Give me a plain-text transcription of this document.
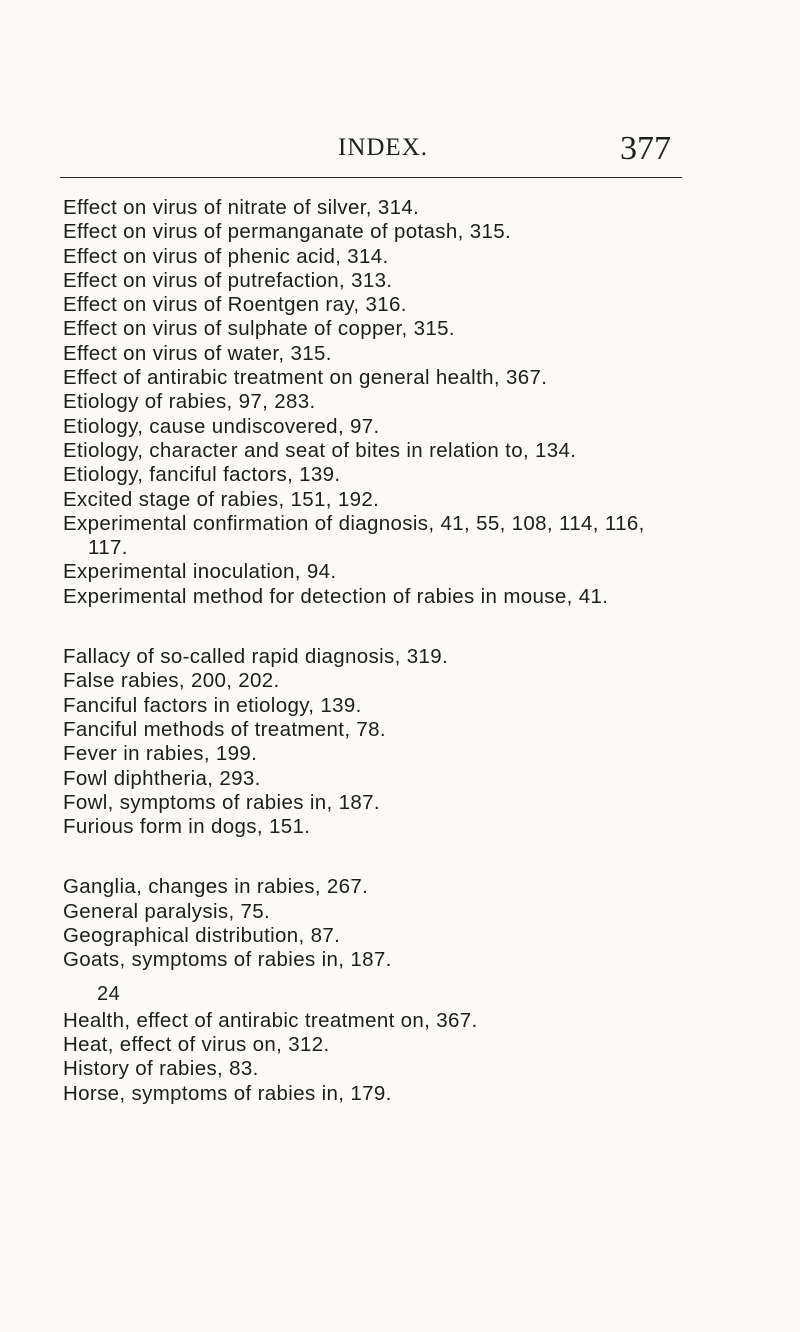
INDEX.	377
Effect on virus of nitrate of silver, 314.
Effect on virus of permanganate of potash, 315.
Effect on virus of phenic acid, 314.
Effect on virus of putrefaction, 313.
Effect on virus of Roentgen ray, 316.
Effect on virus of sulphate of copper, 315.
Effect on virus of water, 315.
Effect of antirabic treatment on general health, 367.
Etiology of rabies, 97, 283.
Etiology, cause undiscovered, 97.
Etiology, character and seat of bites in relation to, 134.
Etiology, fanciful factors, 139.
Excited stage of rabies, 151, 192.
Experimental confirmation of diagnosis, 41, 55, 108, 114, 116,
117.
Experimental inoculation, 94.
Experimental method for detection of rabies in mouse, 41.
Fallacy of so-called rapid diagnosis, 319.
False rabies, 200, 202.
Fanciful factors in etiology, 139.
Fanciful methods of treatment, 78.
Fever in rabies, 199.
Fowl diphtheria, 293.
Fowl, symptoms of rabies in, 187.
Furious form in dogs, 151.
Ganglia, changes in rabies, 267.
General paralysis, 75.
Geographical distribution, 87.
Goats, symptoms of rabies in, 187.
Health, effect of antirabic treatment on, 367.
Heat, effect of virus on, 312.
History of rabies, 83.
Horse, symptoms of rabies in, 179.
24
